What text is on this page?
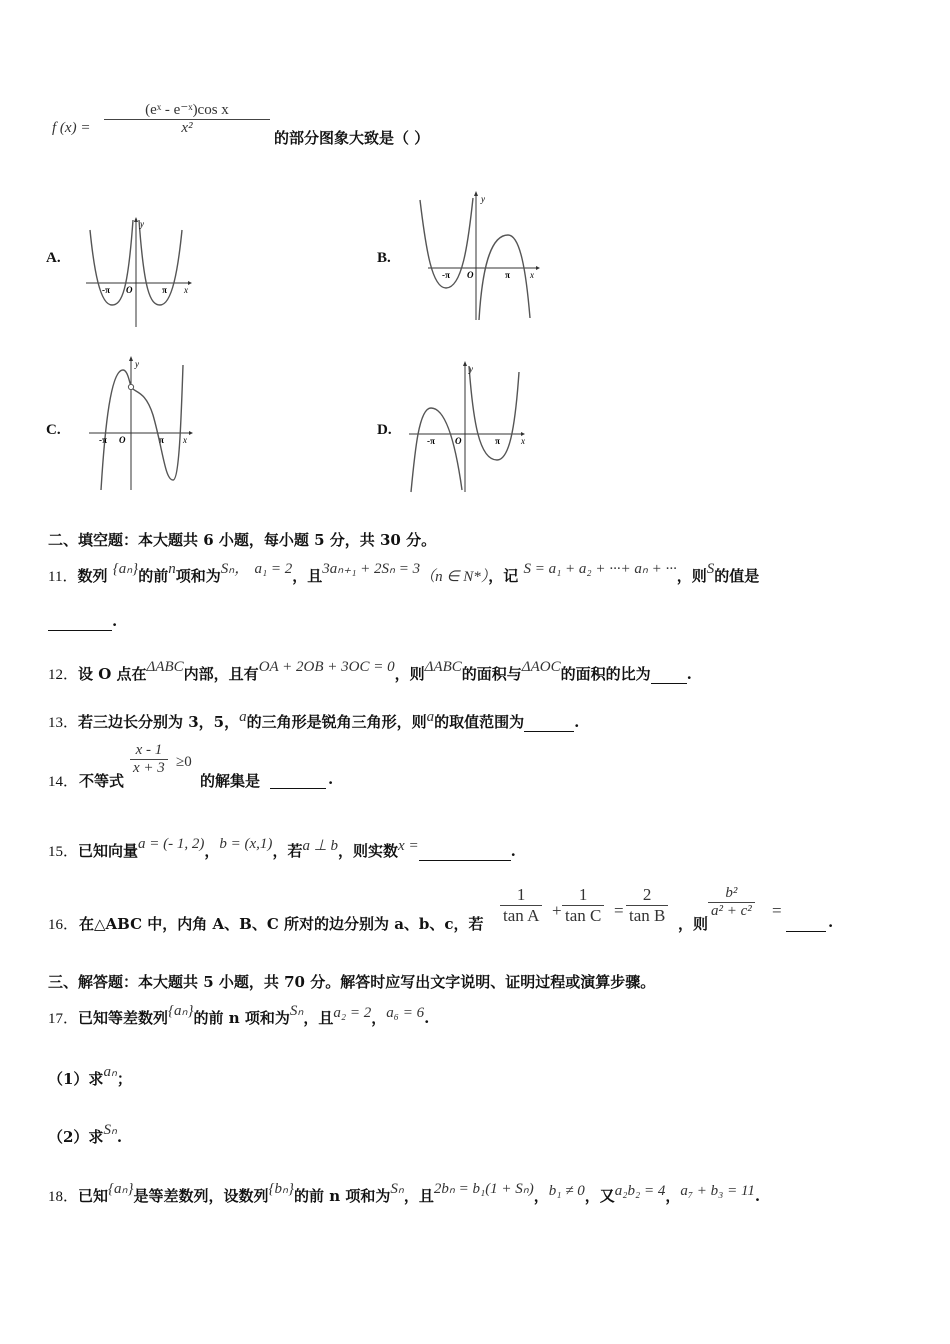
f $(x) = \frac{\text{(eˣ - e⁻ˣ)cos x}}{\text{x²}}$
的部分图象大致是（ ）
A.	B.
C.	D.
y
x
O
-π	π
y
x
O
-π	π
y
x
O
-π	π
y
x
O
-π	π
二、填空题：本大题共 6 小题，每小题 5 分，共 30 分。
11．数列 {aₙ}的前n项和为Sₙ， a₁ = 2，且3aₙ₊₁ + 2Sₙ = 3（n ∈ N*），记 S = a₁ + a₂ + ···+ aₙ + ···，则S的值是
.
12．设 O 点在ΔABC内部，且有OA + 2OB + 3OC = 0，则ΔABC的面积与ΔAOC的面积的比为 .
13．若三边长分别为 3，5，a的三角形是锐角三角形，则a的取值范围为	.
14． 不等式
$\frac{x - 1}{x + 3} \ge 0$
的解集是
	.
15．已知向量a = (- 1, 2)，b = (x,1)，若a ⊥ b，则实数x =	.
16． 在△ABC 中，内角 A、B、C 所对的边分别为 a、b、c，若 $\frac{1}{\text{tan A}} + \frac{1}{\text{tan C}} = \frac{2}{\text{tan B}}$ ，则
$\frac{\text{b²}}{\text{a² + c²}}$ =

.
三、解答题：本大题共 5 小题，共 70 分。解答时应写出文字说明、证明过程或演算步骤。
17．已知等差数列{aₙ}的前 n 项和为Sₙ，且a₂ = 2，a₆ = 6.
（1）求aₙ；
（2）求Sₙ.
18．已知{aₙ}是等差数列，设数列{bₙ}的前 n 项和为Sₙ，且2bₙ = b₁(1 + Sₙ)，b₁ ≠ 0，又a₂b₂ = 4，a₇ + b₃ = 11.
